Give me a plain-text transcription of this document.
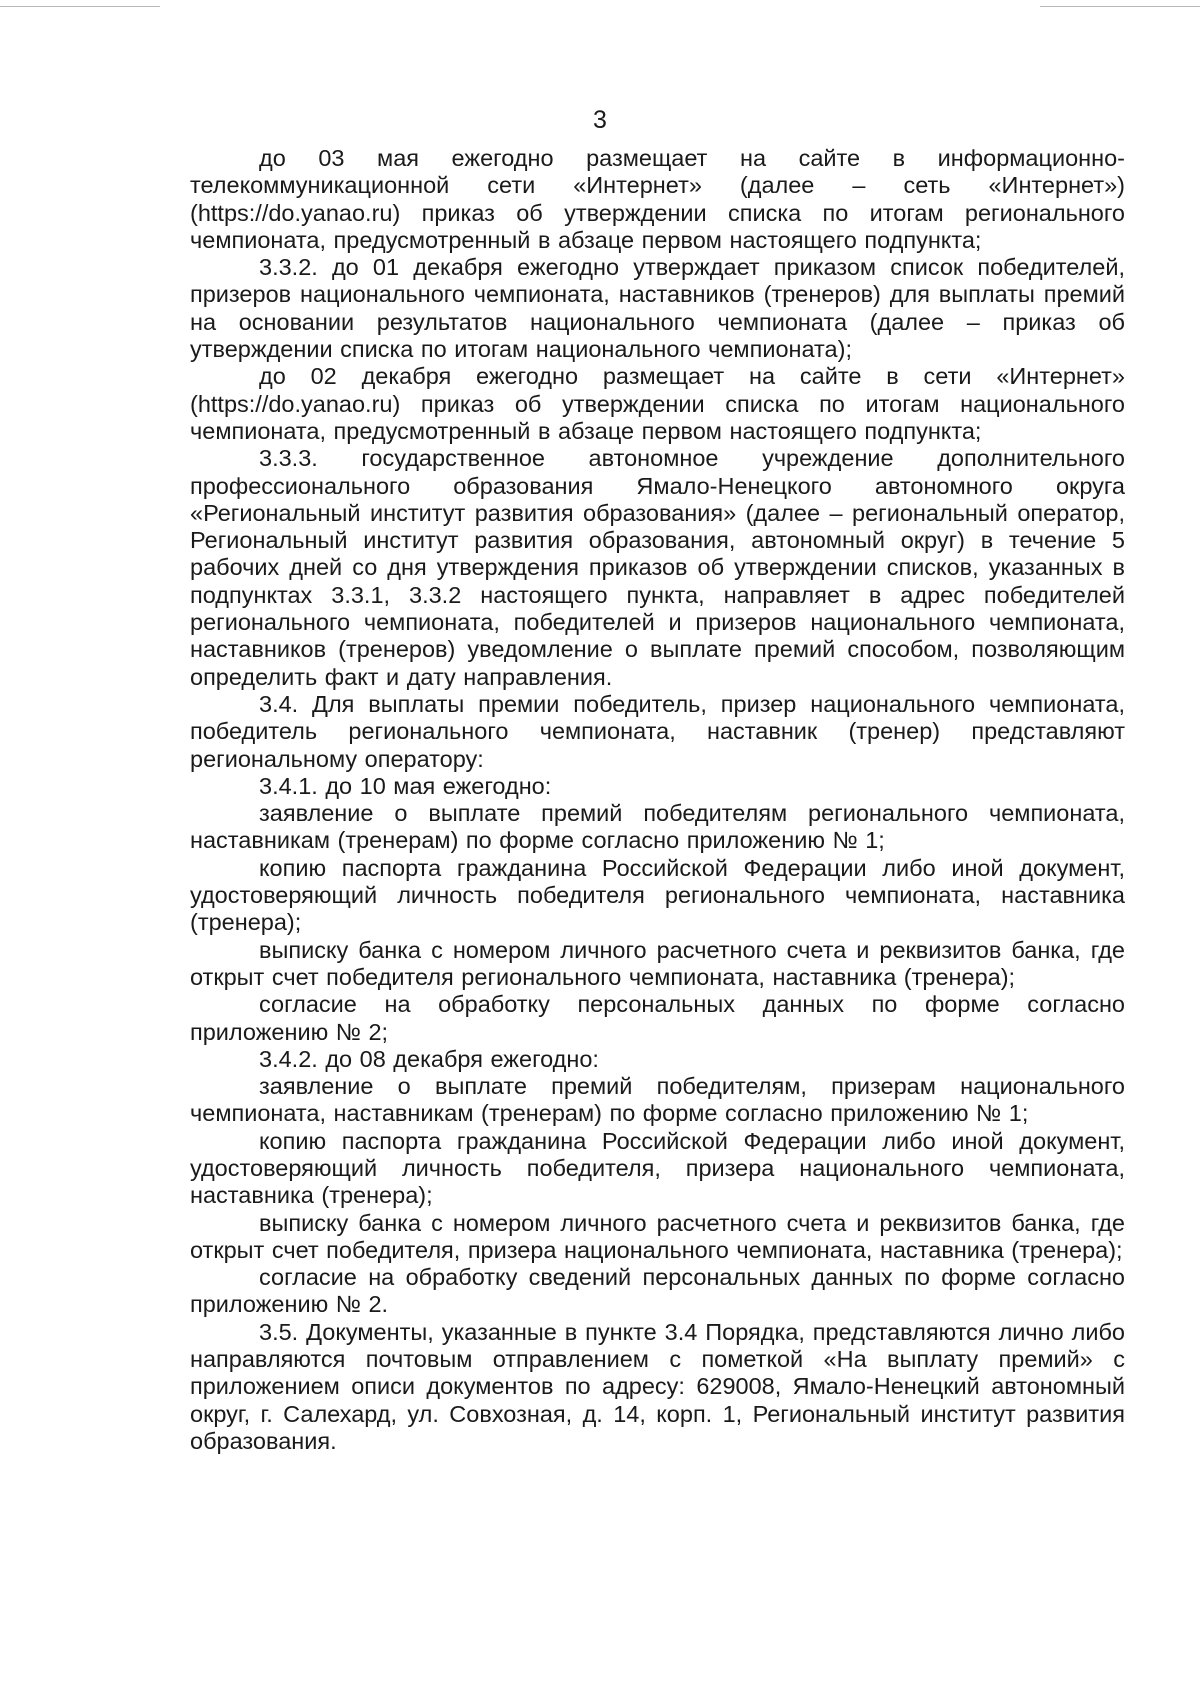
3

до 03 мая ежегодно размещает на сайте в информационно-телекоммуникационной сети «Интернет» (далее – сеть «Интернет») (https://do.yanao.ru) приказ об утверждении списка по итогам регионального чемпионата, предусмотренный в абзаце первом настоящего подпункта;

3.3.2. до 01 декабря ежегодно утверждает приказом список победителей, призеров национального чемпионата, наставников (тренеров) для выплаты премий на основании результатов национального чемпионата (далее – приказ об утверждении списка по итогам национального чемпионата);

до 02 декабря ежегодно размещает на сайте в сети «Интернет» (https://do.yanao.ru) приказ об утверждении списка по итогам национального чемпионата, предусмотренный в абзаце первом настоящего подпункта;

3.3.3. государственное автономное учреждение дополнительного профессионального образования Ямало-Ненецкого автономного округа «Региональный институт развития образования» (далее – региональный оператор, Региональный институт развития образования, автономный округ) в течение 5 рабочих дней со дня утверждения приказов об утверждении списков, указанных в подпунктах 3.3.1, 3.3.2 настоящего пункта, направляет в адрес победителей регионального чемпионата, победителей и призеров национального чемпионата, наставников (тренеров) уведомление о выплате премий способом, позволяющим определить факт и дату направления.

3.4. Для выплаты премии победитель, призер национального чемпионата, победитель регионального чемпионата, наставник (тренер) представляют региональному оператору:

3.4.1. до 10 мая ежегодно:

заявление о выплате премий победителям регионального чемпионата, наставникам (тренерам) по форме согласно приложению № 1;

копию паспорта гражданина Российской Федерации либо иной документ, удостоверяющий личность победителя регионального чемпионата, наставника (тренера);

выписку банка с номером личного расчетного счета и реквизитов банка, где открыт счет победителя регионального чемпионата, наставника (тренера);

согласие на обработку персональных данных по форме согласно приложению № 2;

3.4.2. до 08 декабря ежегодно:

заявление о выплате премий победителям, призерам национального чемпионата, наставникам (тренерам) по форме согласно приложению № 1;

копию паспорта гражданина Российской Федерации либо иной документ, удостоверяющий личность победителя, призера национального чемпионата, наставника (тренера);

выписку банка с номером личного расчетного счета и реквизитов банка, где открыт счет победителя, призера национального чемпионата, наставника (тренера);

согласие на обработку сведений персональных данных по форме согласно приложению № 2.

3.5. Документы, указанные в пункте 3.4 Порядка, представляются лично либо направляются почтовым отправлением с пометкой «На выплату премий» с приложением описи документов по адресу: 629008, Ямало-Ненецкий автономный округ, г. Салехард, ул. Совхозная, д. 14, корп. 1, Региональный институт развития образования.
